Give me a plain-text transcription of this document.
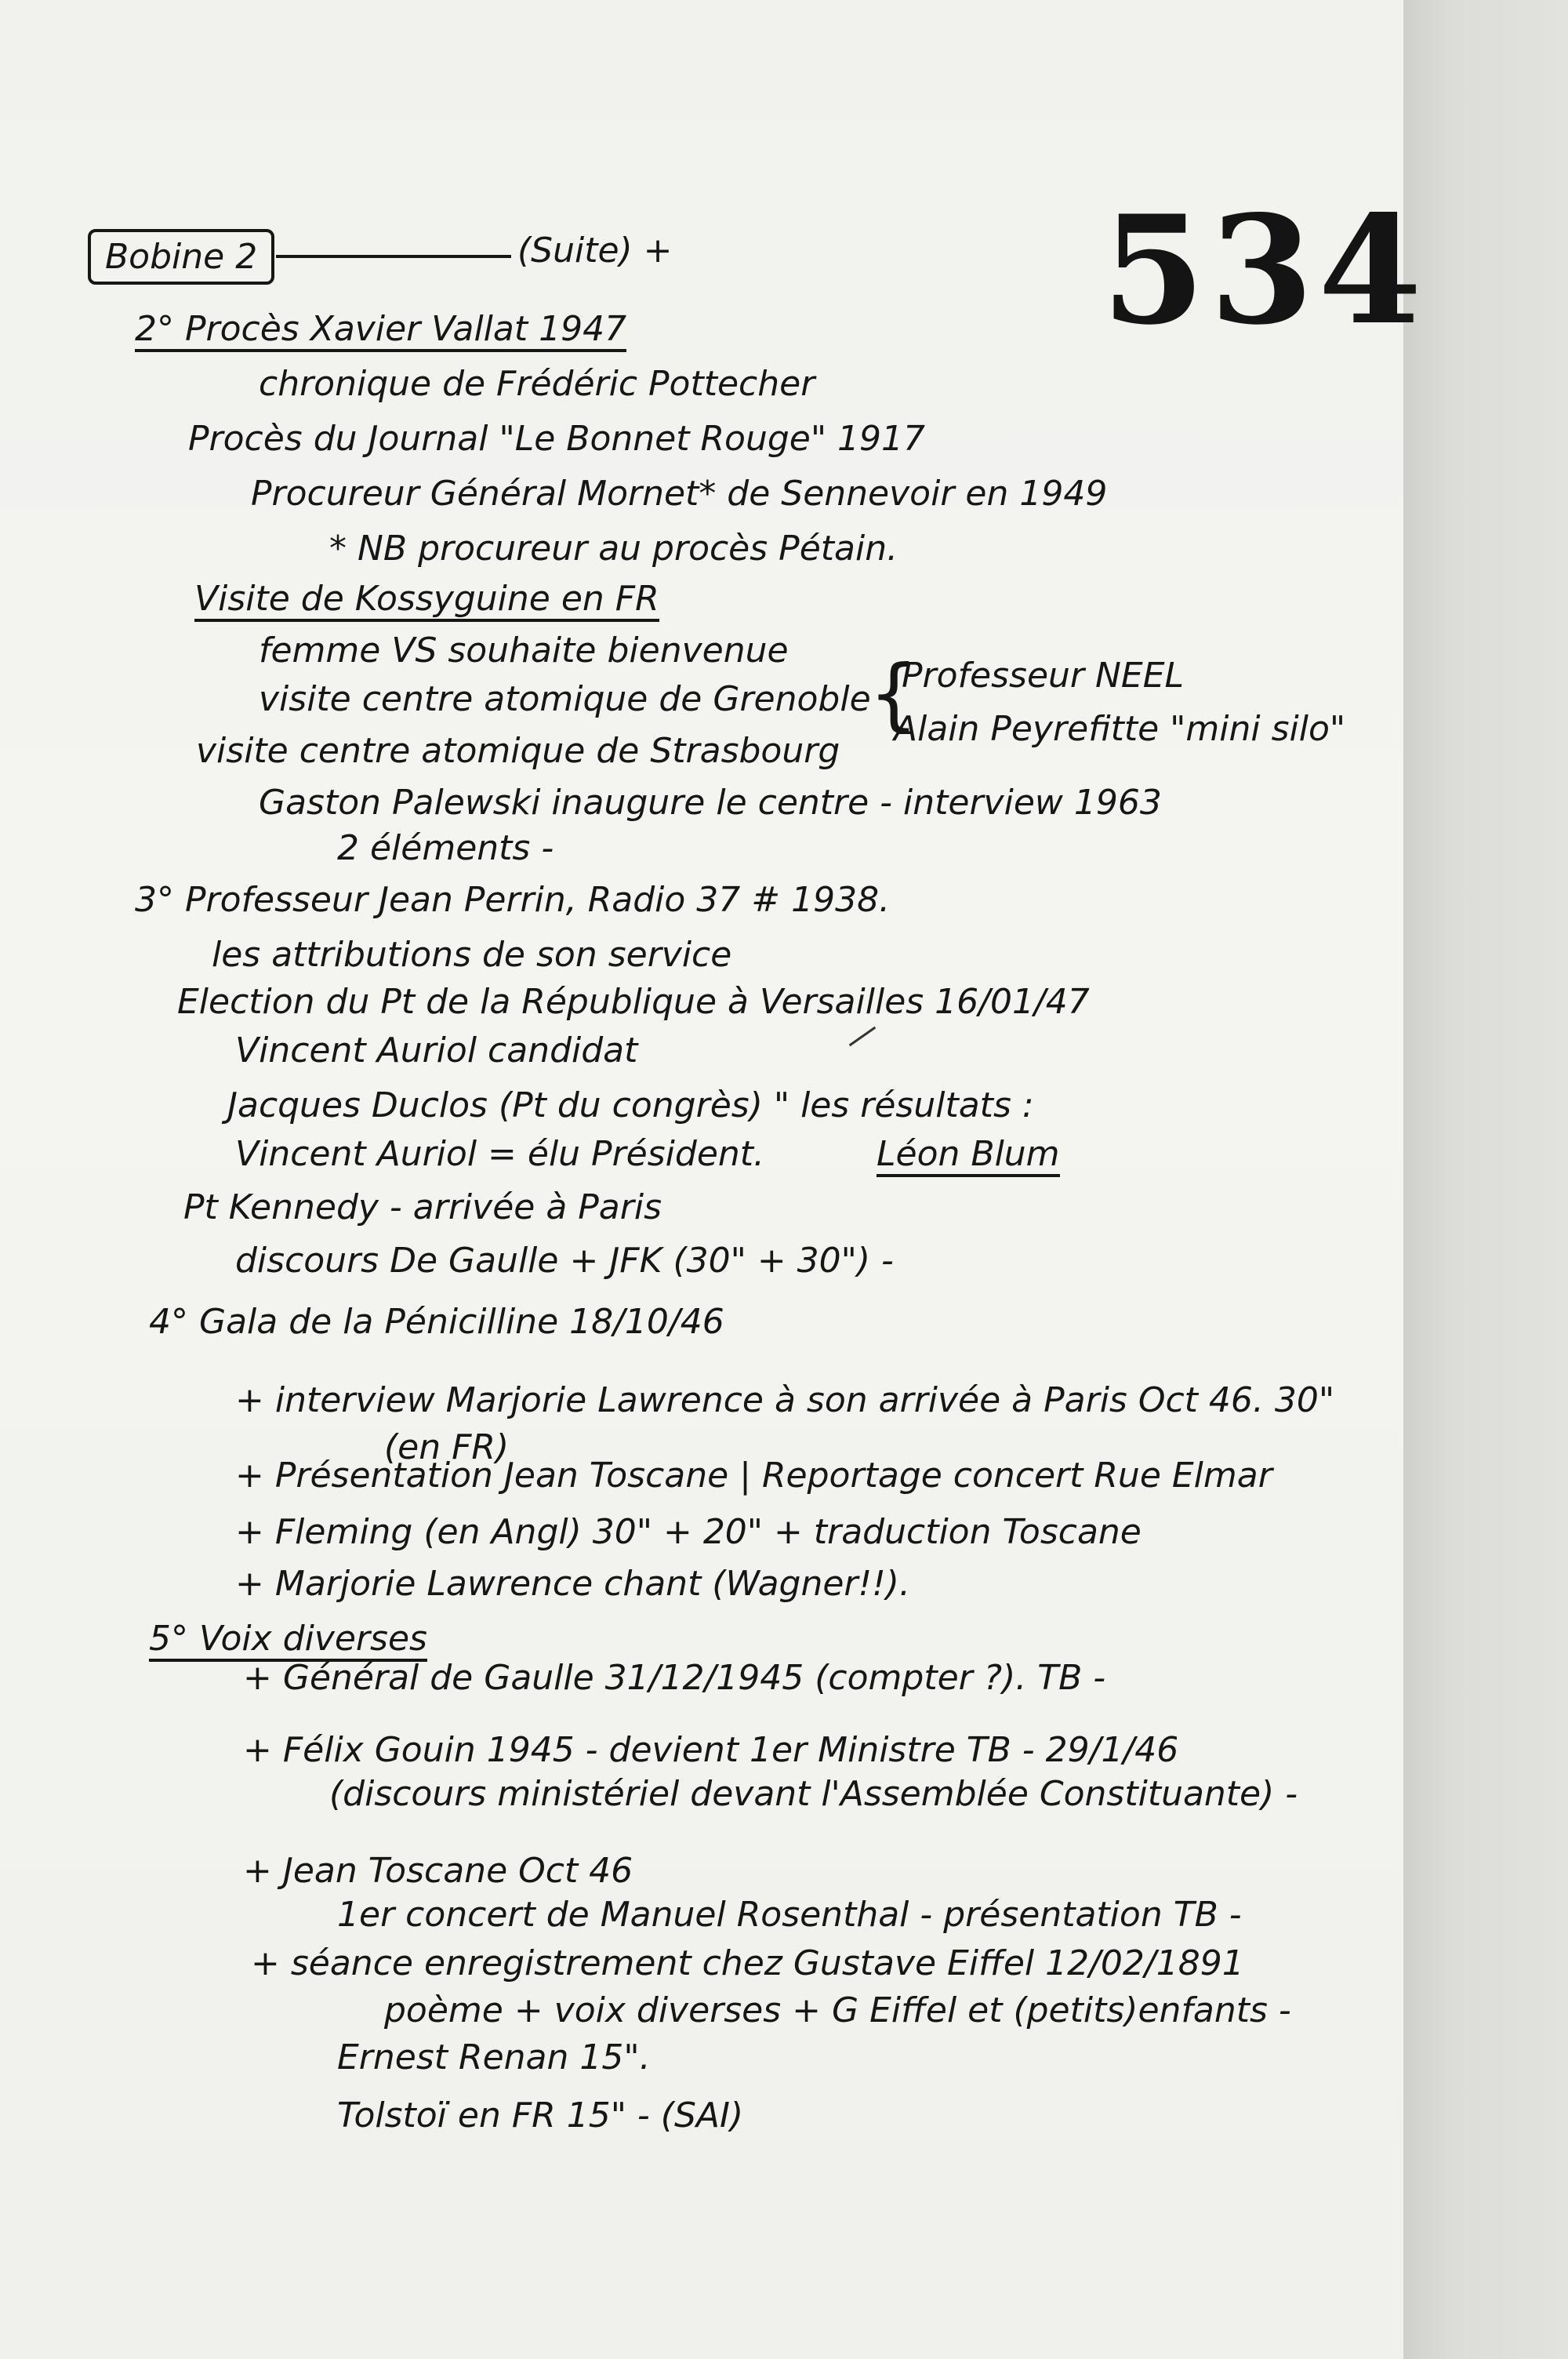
534
Bobine 2	(Suite) +
2° Procès Xavier Vallat 1947
chronique de Frédéric Pottecher
Procès du Journal "Le Bonnet Rouge" 1917
Procureur Général Mornet* de Sennevoir en 1949
* NB procureur au procès Pétain.
Visite de Kossyguine en FR
femme VS souhaite bienvenue
visite centre atomique de Grenoble
{
Professeur NEEL
Alain Peyrefitte "mini silo"
visite centre atomique de Strasbourg
Gaston Palewski inaugure le centre - interview 1963
2 éléments -
3° Professeur Jean Perrin, Radio 37 # 1938.
les attributions de son service
Election du Pt de la République à Versailles 16/01/47
Vincent Auriol candidat
Jacques Duclos (Pt du congrès) " les résultats :
Vincent Auriol = élu Président.	Léon Blum
Pt Kennedy - arrivée à Paris
discours De Gaulle + JFK (30" + 30") -
4° Gala de la Pénicilline 18/10/46
+ interview Marjorie Lawrence à son arrivée à Paris Oct 46. 30"
(en FR)
+ Présentation Jean Toscane | Reportage concert Rue Elmar
+ Fleming (en Angl) 30" + 20" + traduction Toscane
+ Marjorie Lawrence chant (Wagner!!).
5° Voix diverses
+ Général de Gaulle 31/12/1945 (compter ?). TB -
+ Félix Gouin 1945 - devient 1er Ministre TB - 29/1/46
(discours ministériel devant l'Assemblée Constituante) -
+ Jean Toscane Oct 46
1er concert de Manuel Rosenthal - présentation TB -
+ séance enregistrement chez Gustave Eiffel 12/02/1891
poème + voix diverses + G Eiffel et (petits)enfants -
Ernest Renan 15".
Tolstoï en FR 15" - (SAI)
